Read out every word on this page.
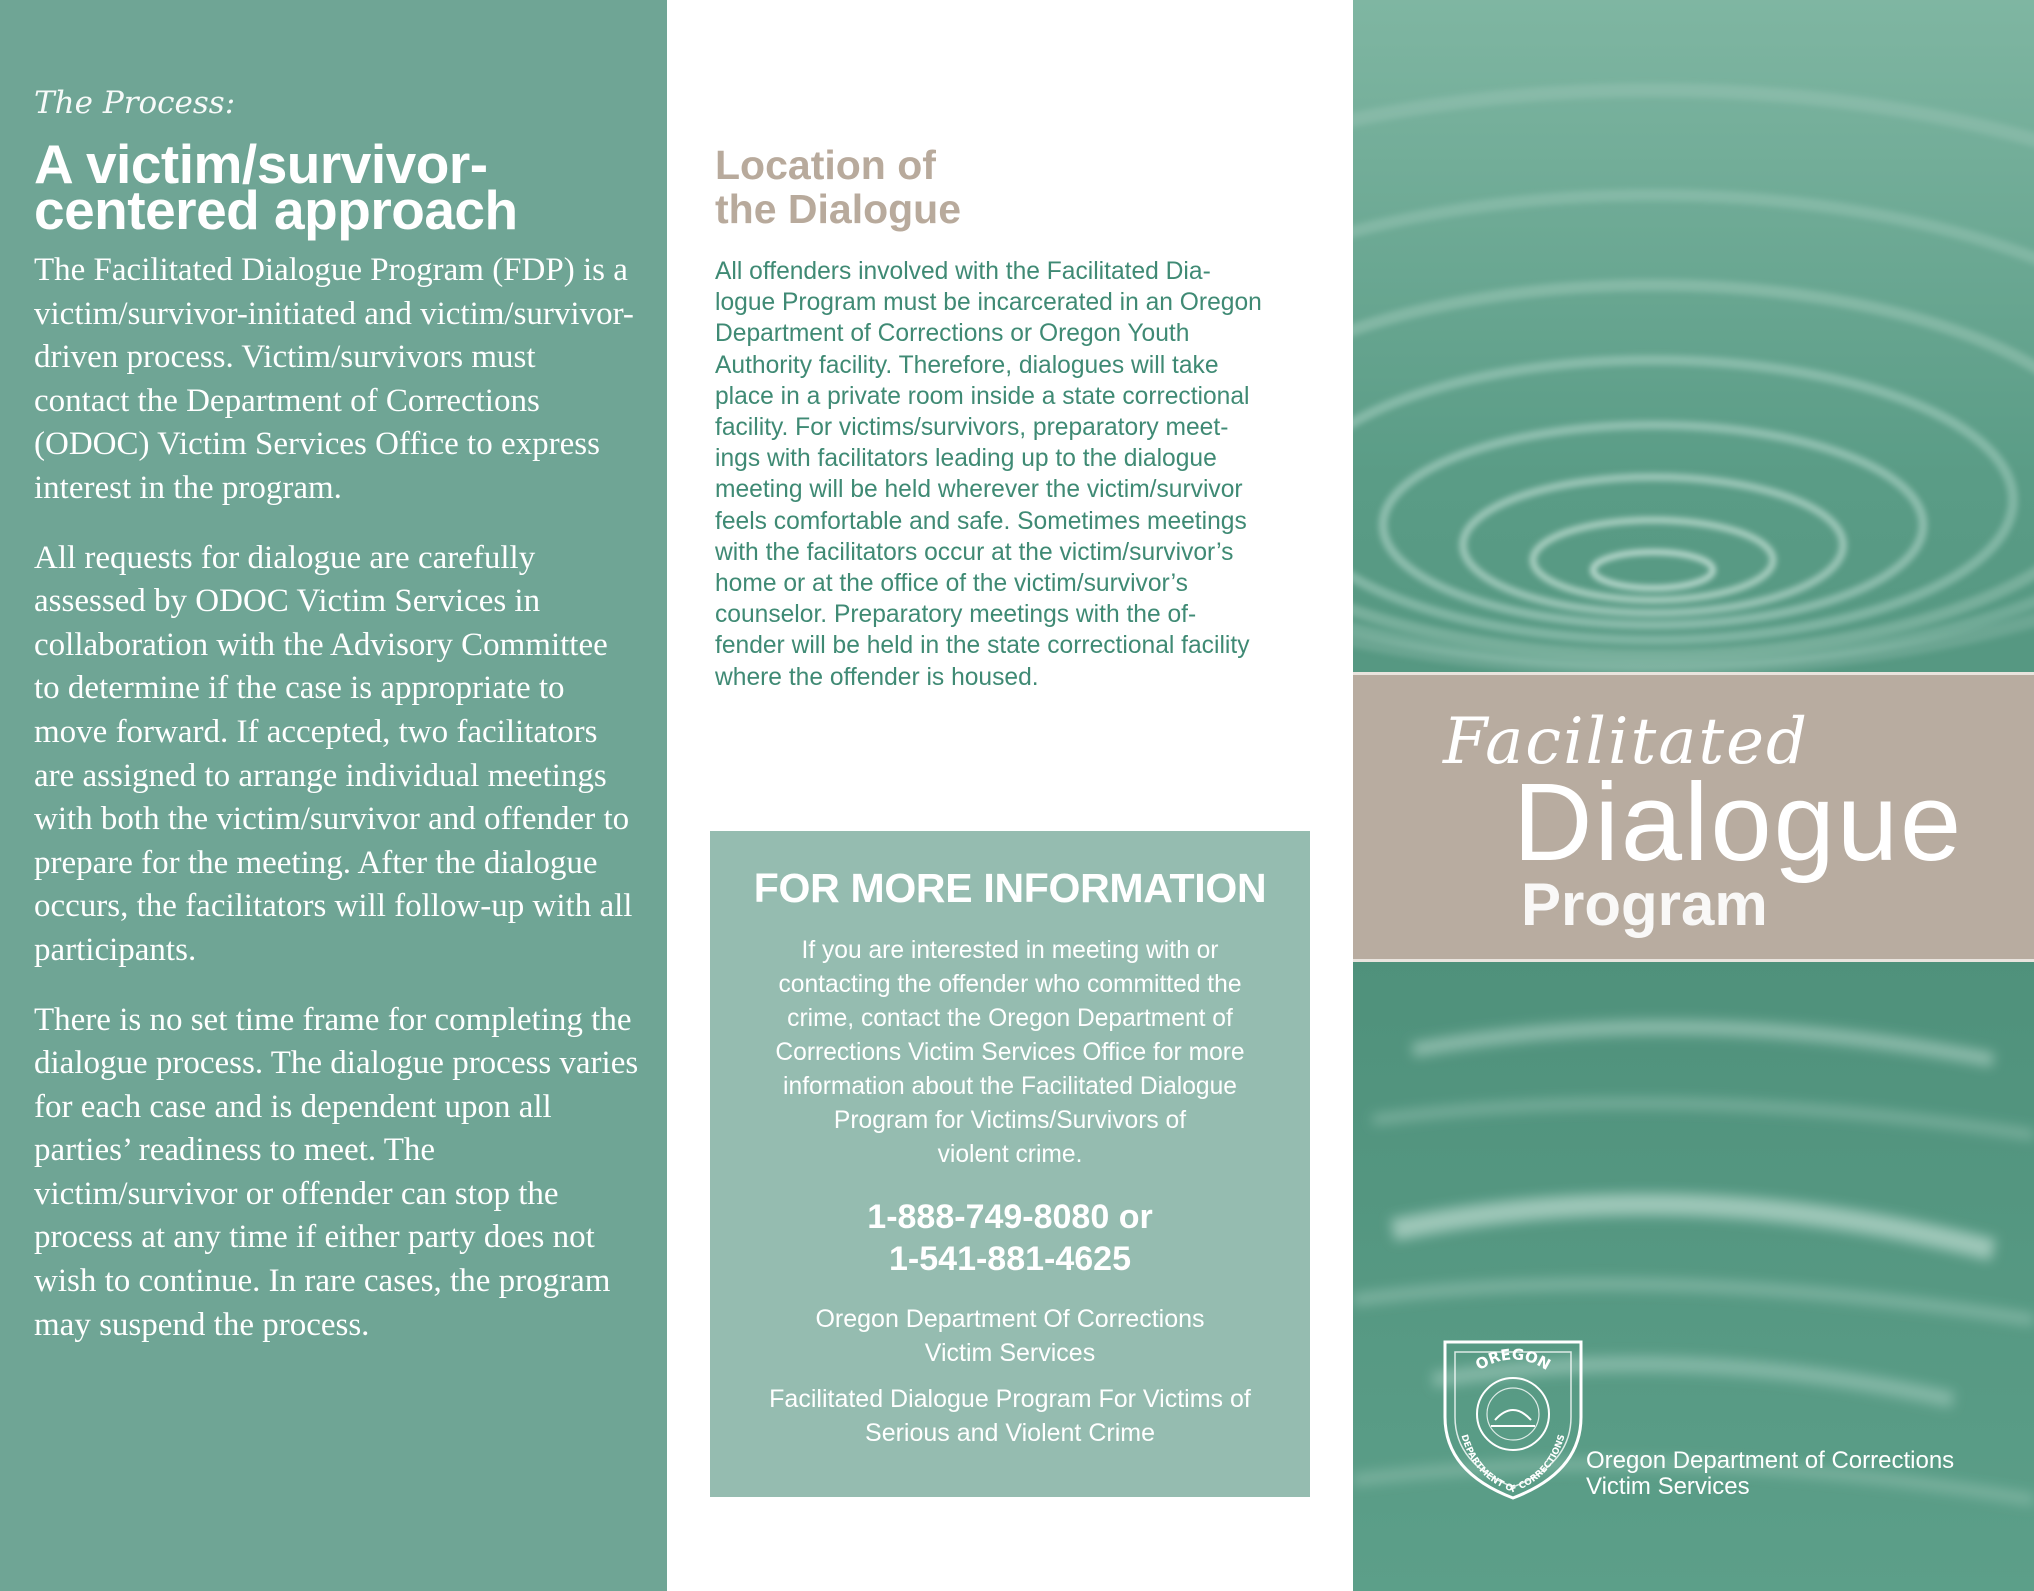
The Process:
A victim/survivor-
centered approach

The Facilitated Dialogue Program (FDP) is a victim/survivor-initiated and victim/survivor-driven process. Victim/survivors must contact the Department of Corrections (ODOC) Victim Services Office to express interest in the program.

All requests for dialogue are carefully assessed by ODOC Victim Services in collaboration with the Advisory Committee to determine if the case is appropriate to move forward. If accepted, two facilitators are assigned to arrange individual meetings with both the victim/survivor and offender to prepare for the meeting. After the dialogue occurs, the facilitators will follow-up with all participants.

There is no set time frame for completing the dialogue process. The dialogue process varies for each case and is dependent upon all parties’ readiness to meet. The victim/survivor or offender can stop the process at any time if either party does not wish to continue. In rare cases, the program may suspend the process.

Location of
the Dialogue

All offenders involved with the Facilitated Dia-
logue Program must be incarcerated in an Oregon
Department of Corrections or Oregon Youth
Authority facility. Therefore, dialogues will take
place in a private room inside a state correctional
facility. For victims/survivors, preparatory meet-
ings with facilitators leading up to the dialogue
meeting will be held wherever the victim/survivor
feels comfortable and safe. Sometimes meetings
with the facilitators occur at the victim/survivor’s
home or at the office of the victim/survivor’s
counselor. Preparatory meetings with the of-
fender will be held in the state correctional facility
where the offender is housed.

FOR MORE INFORMATION

If you are interested in meeting with or
contacting the offender who committed the
crime, contact the Oregon Department of
Corrections Victim Services Office for more
information about the Facilitated Dialogue
Program for Victims/Survivors of
violent crime.

1-888-749-8080 or
1-541-881-4625

Oregon Department Of Corrections
Victim Services

Facilitated Dialogue Program For Victims of
Serious and Violent Crime

Facilitated
Dialogue
Program
OREGON
DEPARTMENT OF CORRECTIONS

Oregon Department of Corrections
Victim Services
